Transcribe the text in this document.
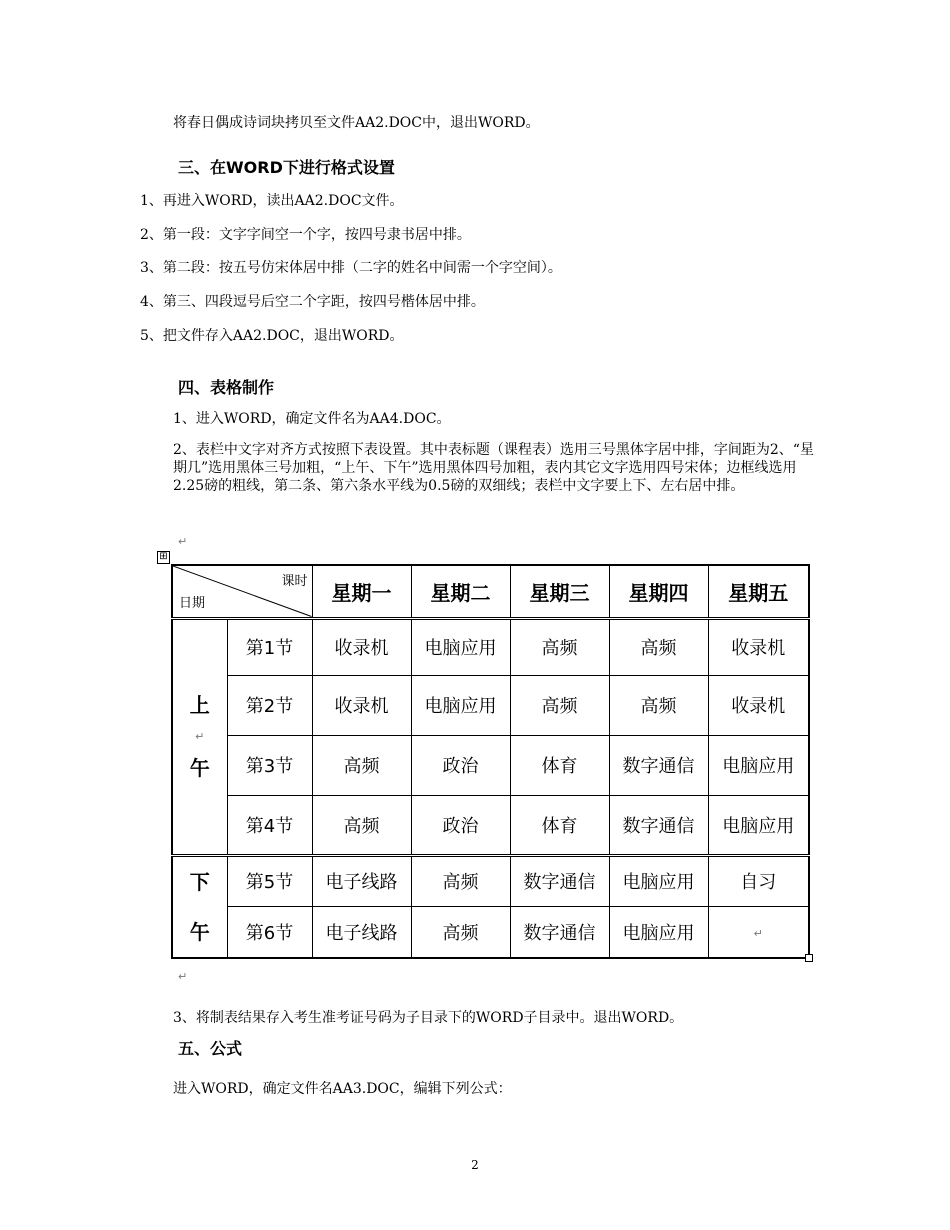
将春日偶成诗词块拷贝至文件AA2.DOC中，退出WORD。
三、在WORD下进行格式设置
1、再进入WORD，读出AA2.DOC文件。
2、第一段：文字字间空一个字，按四号隶书居中排。
3、第二段：按五号仿宋体居中排（二字的姓名中间需一个字空间）。
4、第三、四段逗号后空二个字距，按四号楷体居中排。
5、把文件存入AA2.DOC，退出WORD。
四、表格制作
1、进入WORD，确定文件名为AA4.DOC。
2、表栏中文字对齐方式按照下表设置。其中表标题（课程表）选用三号黑体字居中排，字间距为2、“星期几”选用黑体三号加粗，“上午、下午”选用黑体四号加粗，表内其它文字选用四号宋体；边框线选用2.25磅的粗线，第二条、第六条水平线为0.5磅的双细线；表栏中文字要上下、左右居中排。
↵
⊞
课时
日期		星期一	星期二	星期三	星期四	星期五

上
↵
午	第1节	收录机	电脑应用	高频	高频	收录机
	第2节	收录机	电脑应用	高频	高频	收录机
	第3节	高频	政治	体育	数字通信	电脑应用
	第4节	高频	政治	体育	数字通信	电脑应用

下
午	第5节	电子线路	高频	数字通信	电脑应用	自习
	第6节	电子线路	高频	数字通信	电脑应用	↵
↵
3、将制表结果存入考生准考证号码为子目录下的WORD子目录中。退出WORD。
五、公式
进入WORD，确定文件名AA3.DOC，编辑下列公式：
2
